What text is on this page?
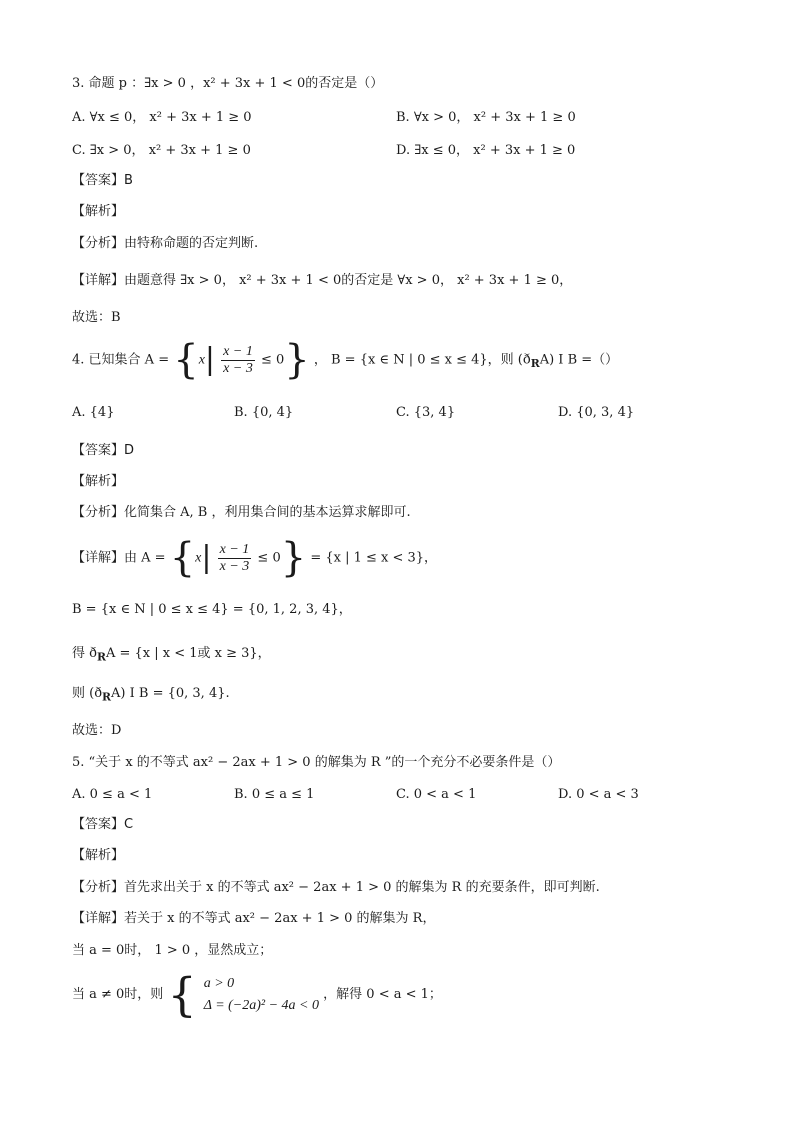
3. 命题 p ：∃x > 0 ，x² + 3x + 1 < 0的否定是（）
A. ∀x ≤ 0， x² + 3x + 1 ≥ 0	B. ∀x > 0， x² + 3x + 1 ≥ 0
C. ∃x > 0， x² + 3x + 1 ≥ 0	D. ∃x ≤ 0， x² + 3x + 1 ≥ 0
【答案】B
【解析】
【分析】由特称命题的否定判断.
【详解】由题意得 ∃x > 0， x² + 3x + 1 < 0的否定是 ∀x > 0， x² + 3x + 1 ≥ 0，
故选：B
4. 已知集合 $A = \{x| \frac{x - 1}{x - 3} \le 0\}$ ， B = {x ∈ N | 0 ≤ x ≤ 4}，则 $(ð_RA)$ I B =（）
A. {4}	B. {0, 4}	C. {3, 4}	D. {0, 3, 4}
【答案】D
【解析】
【分析】化简集合 A, B ，利用集合间的基本运算求解即可.
【详解】由 $A = \{x| \frac{x - 1}{x - 3} \le 0\} = \{x$ | 1 ≤ x < 3}，
B = {x ∈ N | 0 ≤ x ≤ 4} = {0, 1, 2, 3, 4}，
得 $ð_RA = \{x$ | x < 1或 x ≥ 3}，
则 $(ð_RA)$ I B = {0, 3, 4}.
故选：D
5. “关于 x 的不等式 ax² − 2ax + 1 > 0 的解集为 R ”的一个充分不必要条件是（）
A. 0 ≤ a < 1	B. 0 ≤ a ≤ 1	C. 0 < a < 1	D. 0 < a < 3
【答案】C
【解析】
【分析】首先求出关于 x 的不等式 ax² − 2ax + 1 > 0 的解集为 R 的充要条件，即可判断.
【详解】若关于 x 的不等式 ax² − 2ax + 1 > 0 的解集为 R，
当 a = 0时， 1 > 0 ，显然成立；
当 a ≠ 0时，则 { a > 0
Δ = (−2a)² − 4a < 0
，解得 0 < a < 1；
